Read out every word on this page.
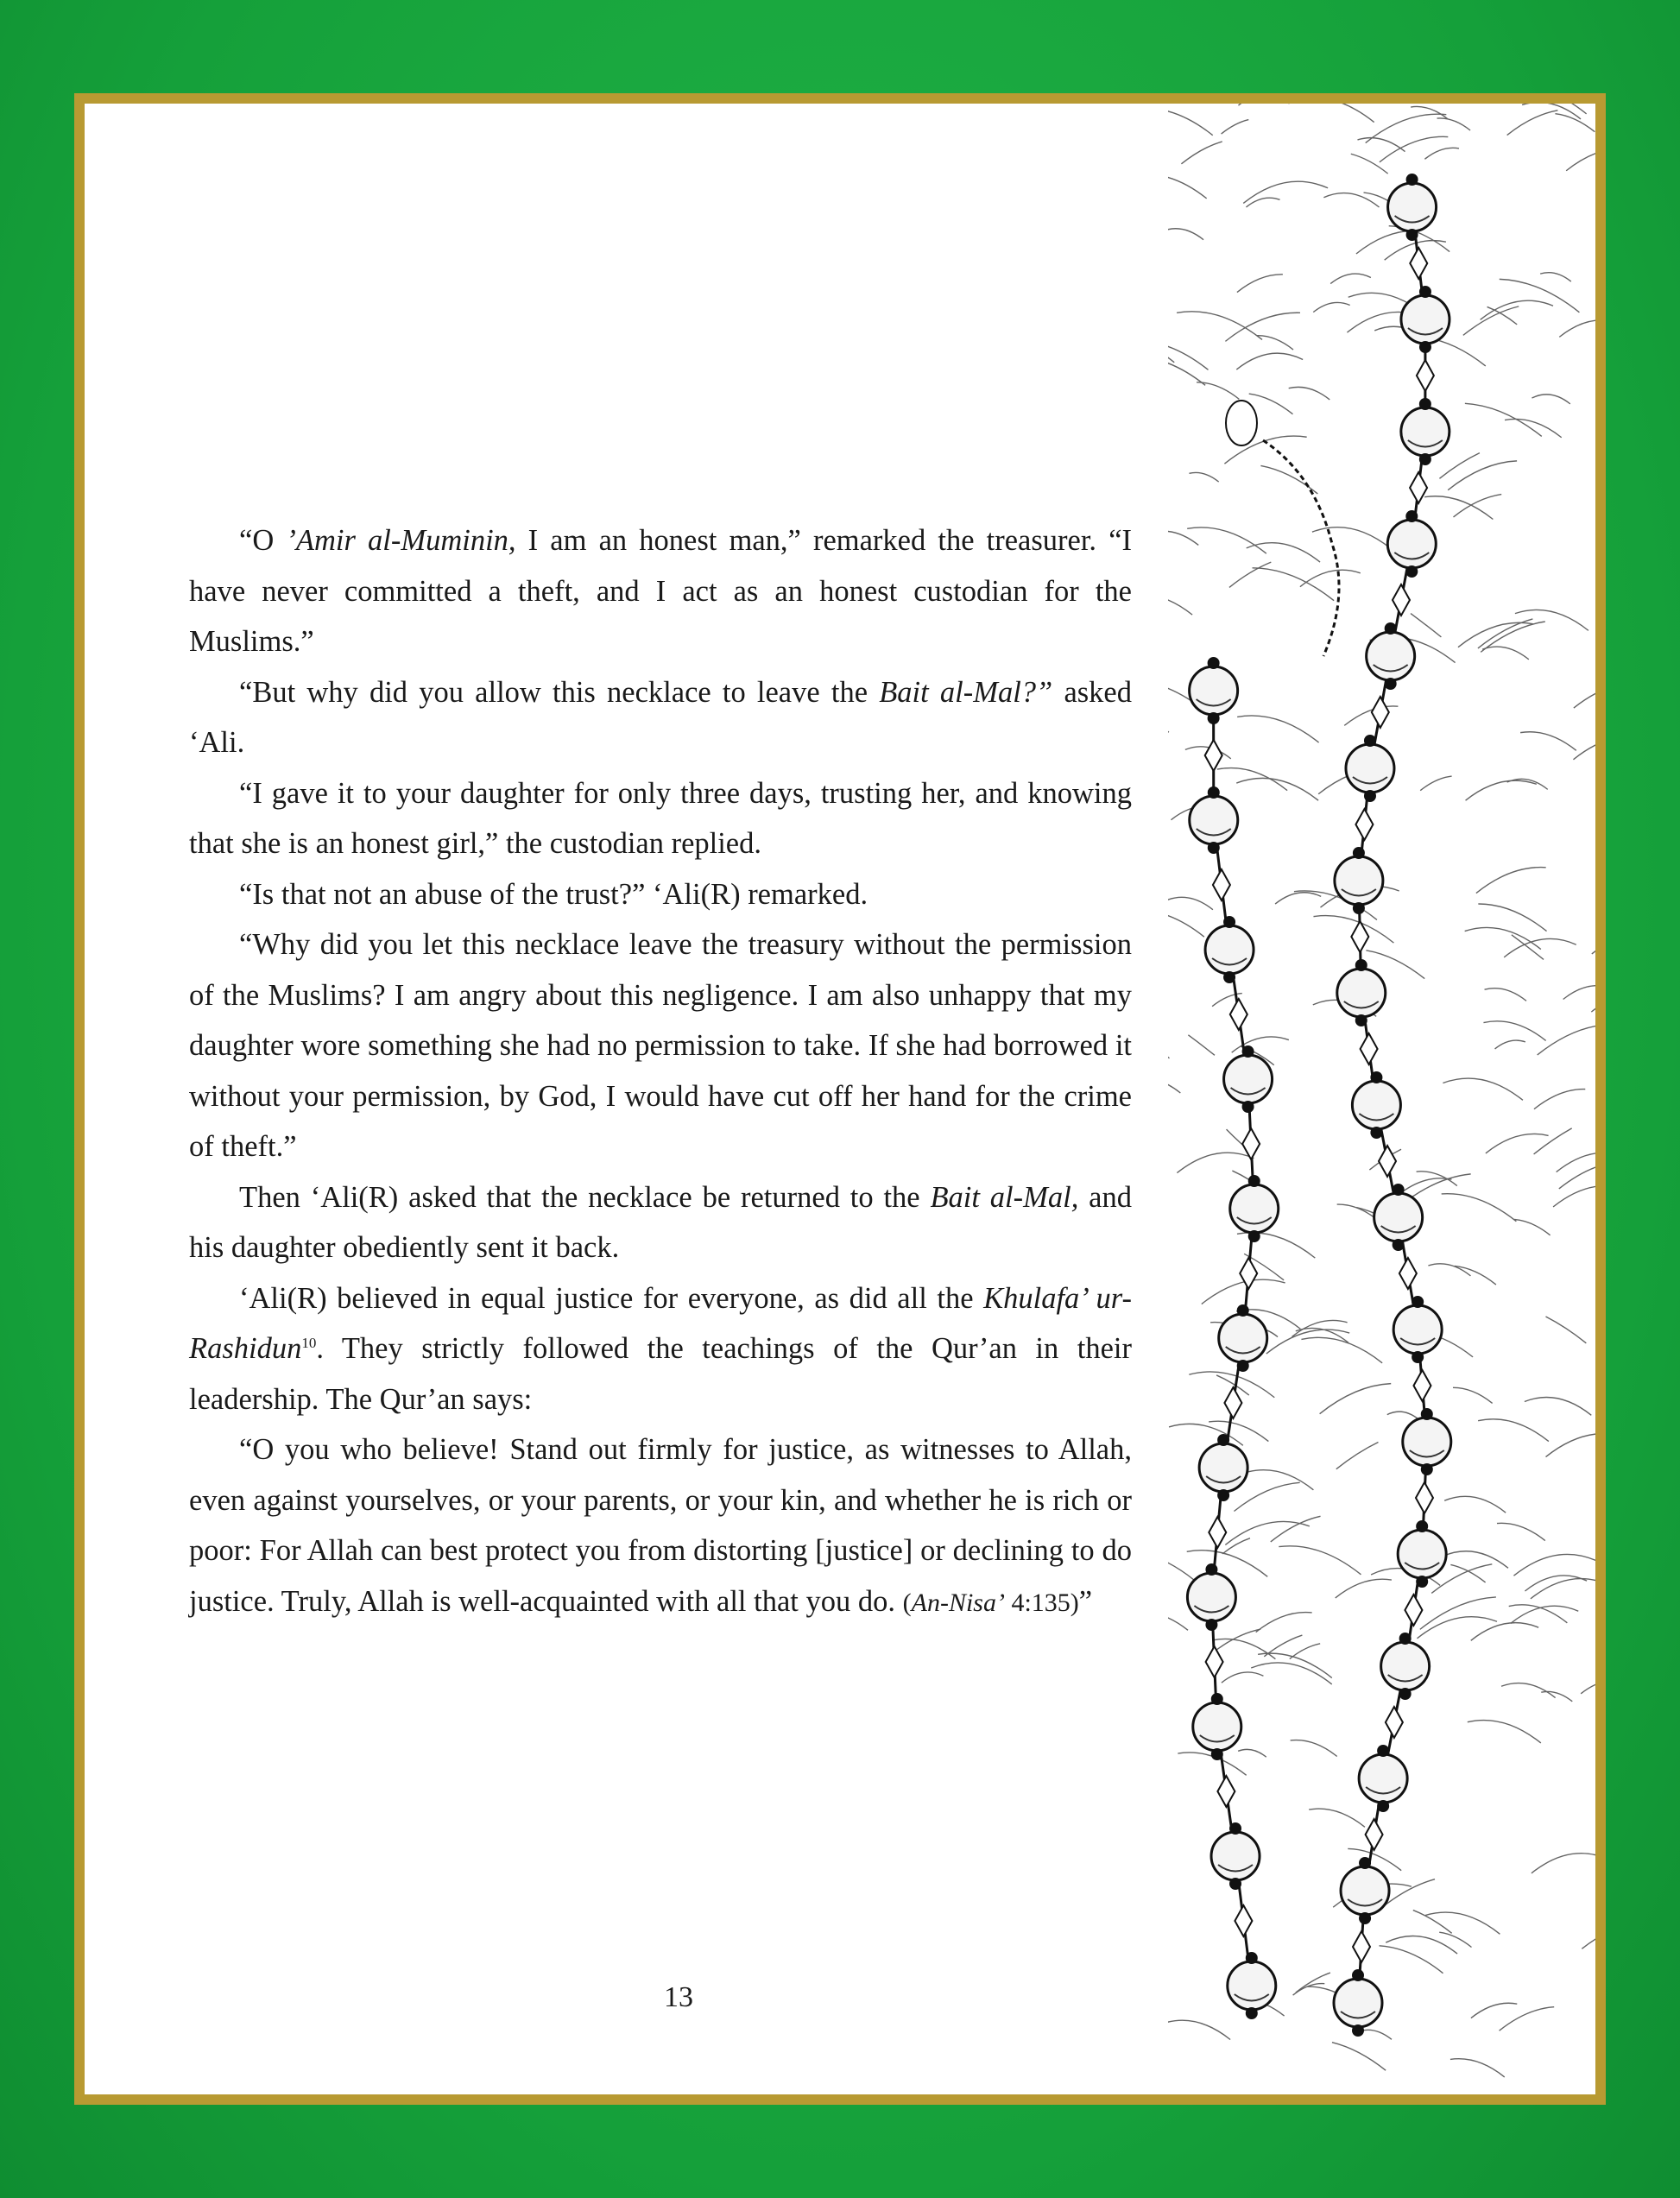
“O ’Amir al-Muminin, I am an honest man,” remarked the treasurer. “I have never committed a theft, and I act as an honest custodian for the Muslims.”

“But why did you allow this necklace to leave the Bait al-Mal?” asked ‘Ali.

“I gave it to your daughter for only three days, trusting her, and knowing that she is an honest girl,” the custodian replied.

“Is that not an abuse of the trust?” ‘Ali(R) remarked.

“Why did you let this necklace leave the treasury without the permission of the Muslims? I am angry about this negligence. I am also unhappy that my daughter wore something she had no permission to take. If she had borrowed it without your permission, by God, I would have cut off her hand for the crime of theft.”

Then ‘Ali(R) asked that the necklace be returned to the Bait al-Mal, and his daughter obediently sent it back.

‘Ali(R) believed in equal justice for everyone, as did all the Khulafa’ ur-Rashidun$^{10}$. They strictly followed the teachings of the Qur’an in their leadership. The Qur’an says:

“O you who believe! Stand out firmly for justice, as witnesses to Allah, even against yourselves, or your parents, or your kin, and whether he is rich or poor: For Allah can best protect you from distorting [justice] or declining to do justice. Truly, Allah is well-acquainted with all that you do. (An-Nisa’ 4:135)”

13
